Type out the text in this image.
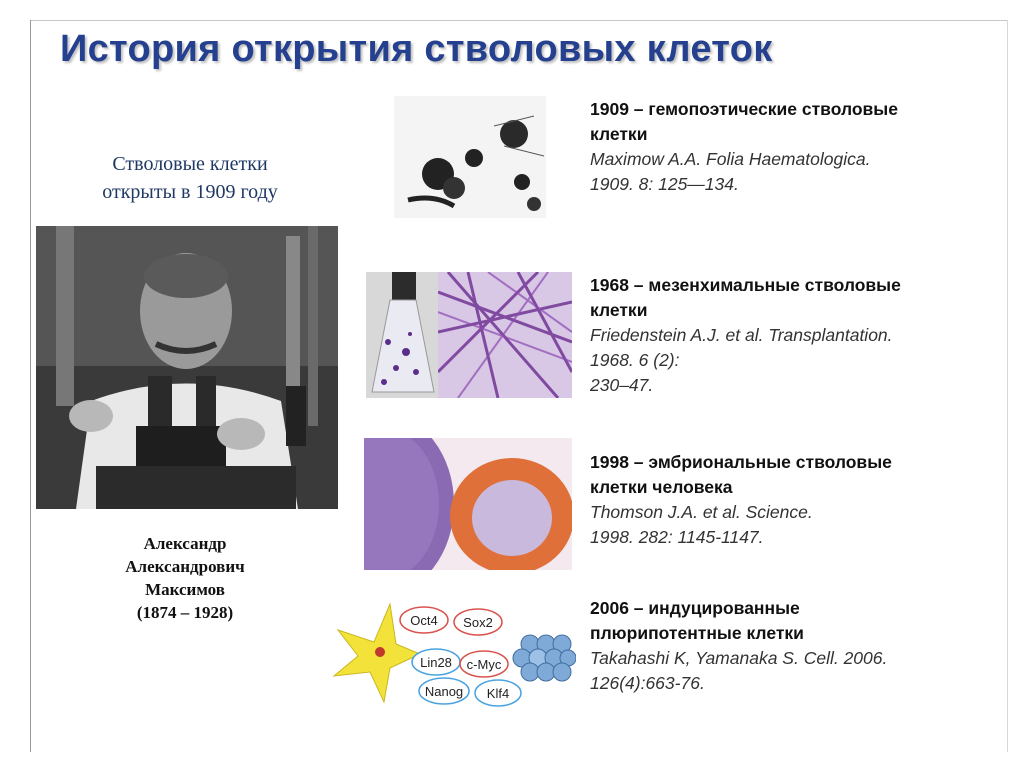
История открытия стволовых клеток
Стволовые клетки
открыты в 1909 году
Александр
Александрович
Максимов
(1874 – 1928)	Oct4 Sox2
Lin28 c-Myc
Nanog Klf4
1909 – гемопоэтические стволовые
клетки
Maximow A.A. Folia Haematologica.
1909. 8: 125—134.
1968 – мезенхимальные стволовые
клетки
Friedenstein A.J. et al. Transplantation.
1968. 6 (2):
230–47.
1998 – эмбриональные стволовые
клетки человека
Thomson J.A. et al. Science.
1998. 282: 1145-1147.
2006 – индуцированные
плюрипотентные клетки
Takahashi K, Yamanaka S. Cell. 2006.
126(4):663-76.
